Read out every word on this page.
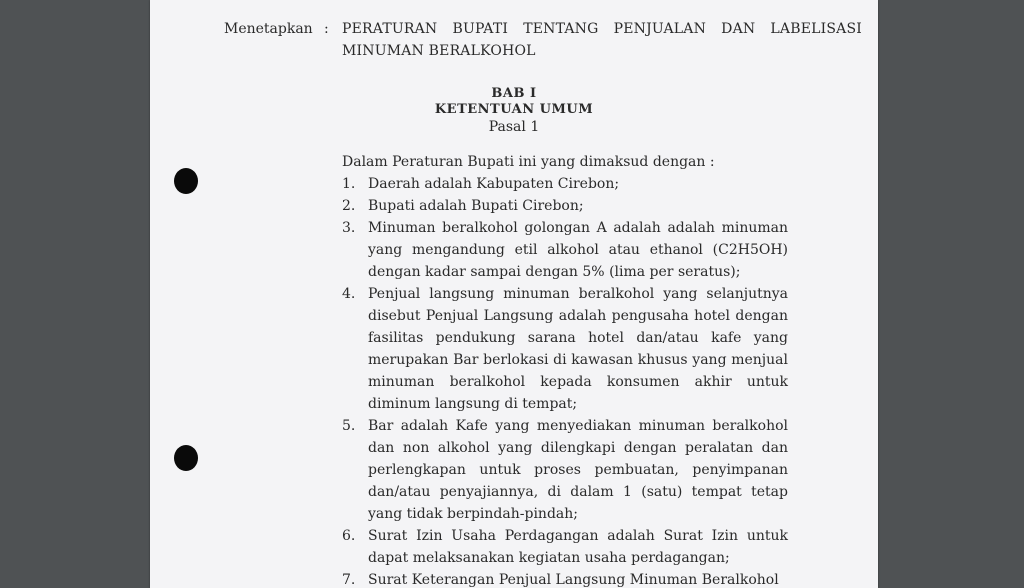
Menetapkan : PERATURAN BUPATI TENTANG PENJUALAN DAN LABELISASI MINUMAN BERALKOHOL
BAB I
KETENTUAN UMUM
Pasal 1
Dalam Peraturan Bupati ini yang dimaksud dengan :
1. Daerah adalah Kabupaten Cirebon;
2. Bupati adalah Bupati Cirebon;
3. Minuman beralkohol golongan A adalah adalah minuman yang mengandung etil alkohol atau ethanol (C2H5OH) dengan kadar sampai dengan 5% (lima per seratus);
4. Penjual langsung minuman beralkohol yang selanjutnya disebut Penjual Langsung adalah pengusaha hotel dengan fasilitas pendukung sarana hotel dan/atau kafe yang merupakan Bar berlokasi di kawasan khusus yang menjual minuman beralkohol kepada konsumen akhir untuk diminum langsung di tempat;
5. Bar adalah Kafe yang menyediakan minuman beralkohol dan non alkohol yang dilengkapi dengan peralatan dan perlengkapan untuk proses pembuatan, penyimpanan dan/atau penyajiannya, di dalam 1 (satu) tempat tetap yang tidak berpindah-pindah;
6. Surat Izin Usaha Perdagangan adalah Surat Izin untuk dapat melaksanakan kegiatan usaha perdagangan;
7. Surat Keterangan Penjual Langsung Minuman Beralkohol
